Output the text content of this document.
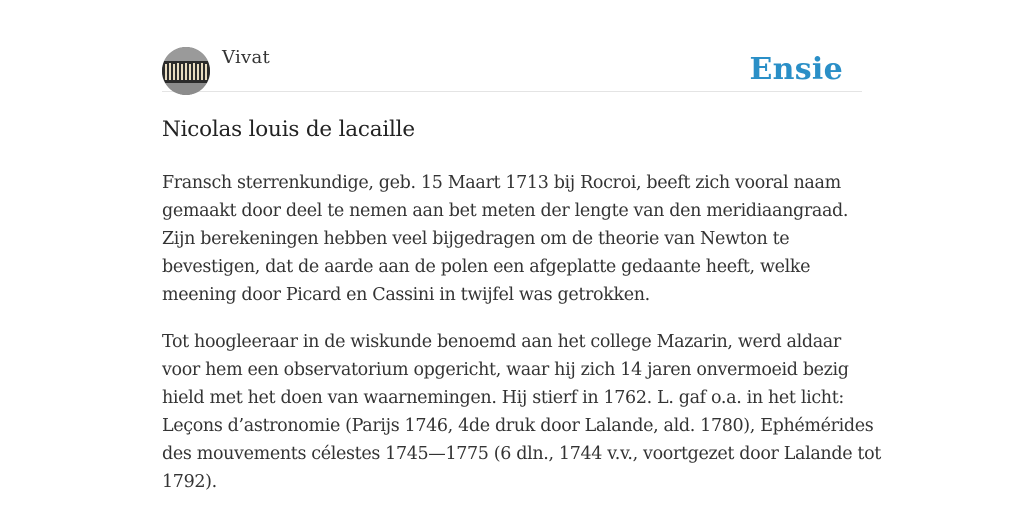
Vivat	Ensie
Nicolas louis de lacaille

Fransch sterrenkundige, geb. 15 Maart 1713 bij Rocroi, beeft zich vooral naam gemaakt door deel te nemen aan bet meten der lengte van den meridiaangraad. Zijn berekeningen hebben veel bijgedragen om de theorie van Newton te bevestigen, dat de aarde aan de polen een afgeplatte gedaante heeft, welke meening door Picard en Cassini in twijfel was getrokken.

Tot hoogleeraar in de wiskunde benoemd aan het college Mazarin, werd aldaar voor hem een observatorium opgericht, waar hij zich 14 jaren onvermoeid bezig hield met het doen van waarnemingen. Hij stierf in 1762. L. gaf o.a. in het licht: Leçons d’astronomie (Parijs 1746, 4de druk door Lalande, ald. 1780), Ephémérides des mouvements célestes 1745—1775 (6 dln., 1744 v.v., voortgezet door Lalande tot 1792).
